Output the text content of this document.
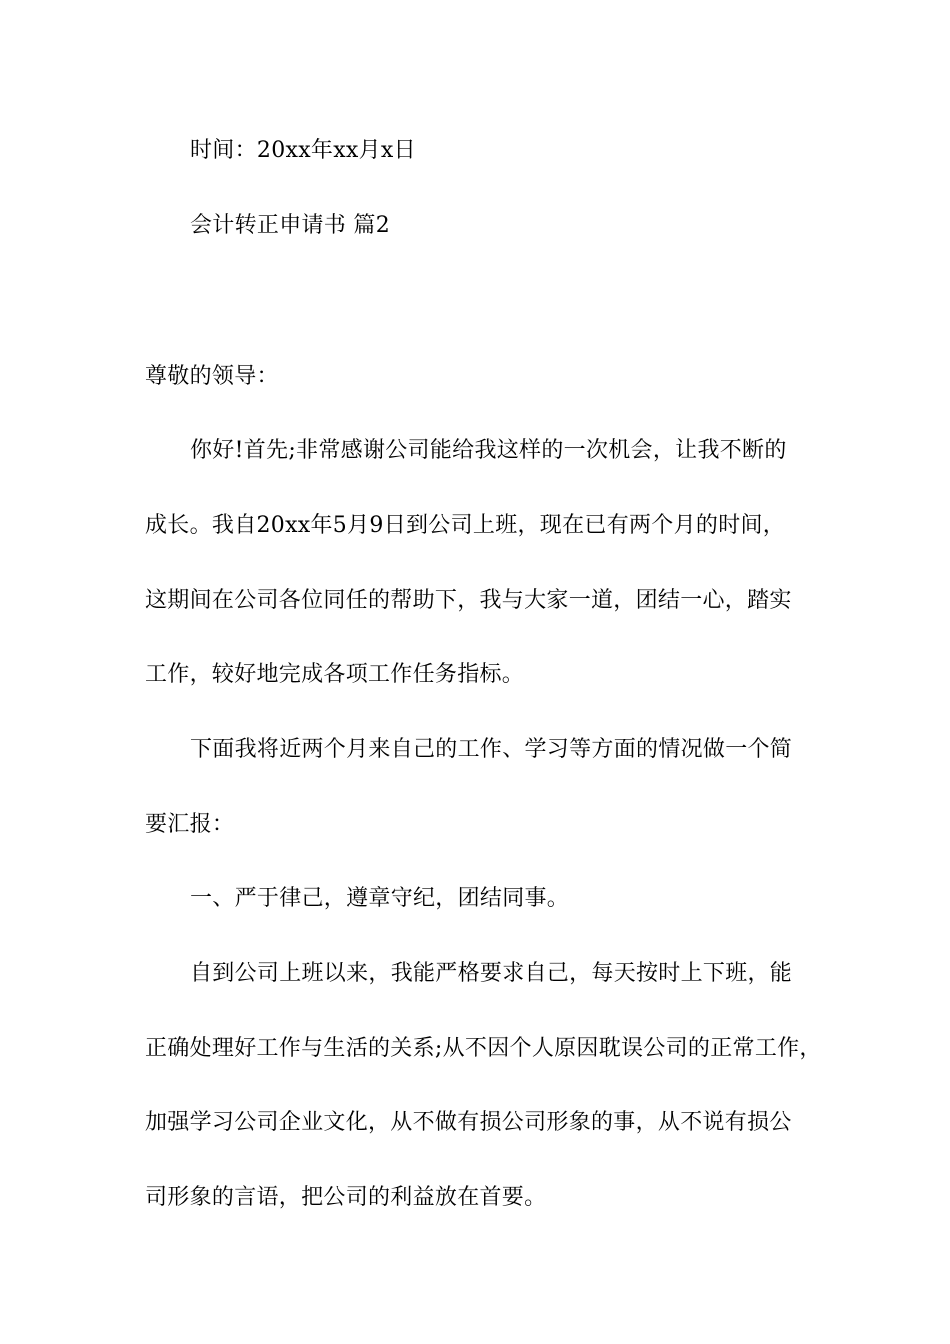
时间：20xx年xx月x日
会计转正申请书 篇2
尊敬的领导：
你好!首先;非常感谢公司能给我这样的一次机会，让我不断的
成长。我自20xx年5月9日到公司上班，现在已有两个月的时间，
这期间在公司各位同任的帮助下，我与大家一道，团结一心，踏实
工作，较好地完成各项工作任务指标。
下面我将近两个月来自己的工作、学习等方面的情况做一个简
要汇报：
一、严于律己，遵章守纪，团结同事。
自到公司上班以来，我能严格要求自己，每天按时上下班，能
正确处理好工作与生活的关系;从不因个人原因耽误公司的正常工作，
加强学习公司企业文化，从不做有损公司形象的事，从不说有损公
司形象的言语，把公司的利益放在首要。
